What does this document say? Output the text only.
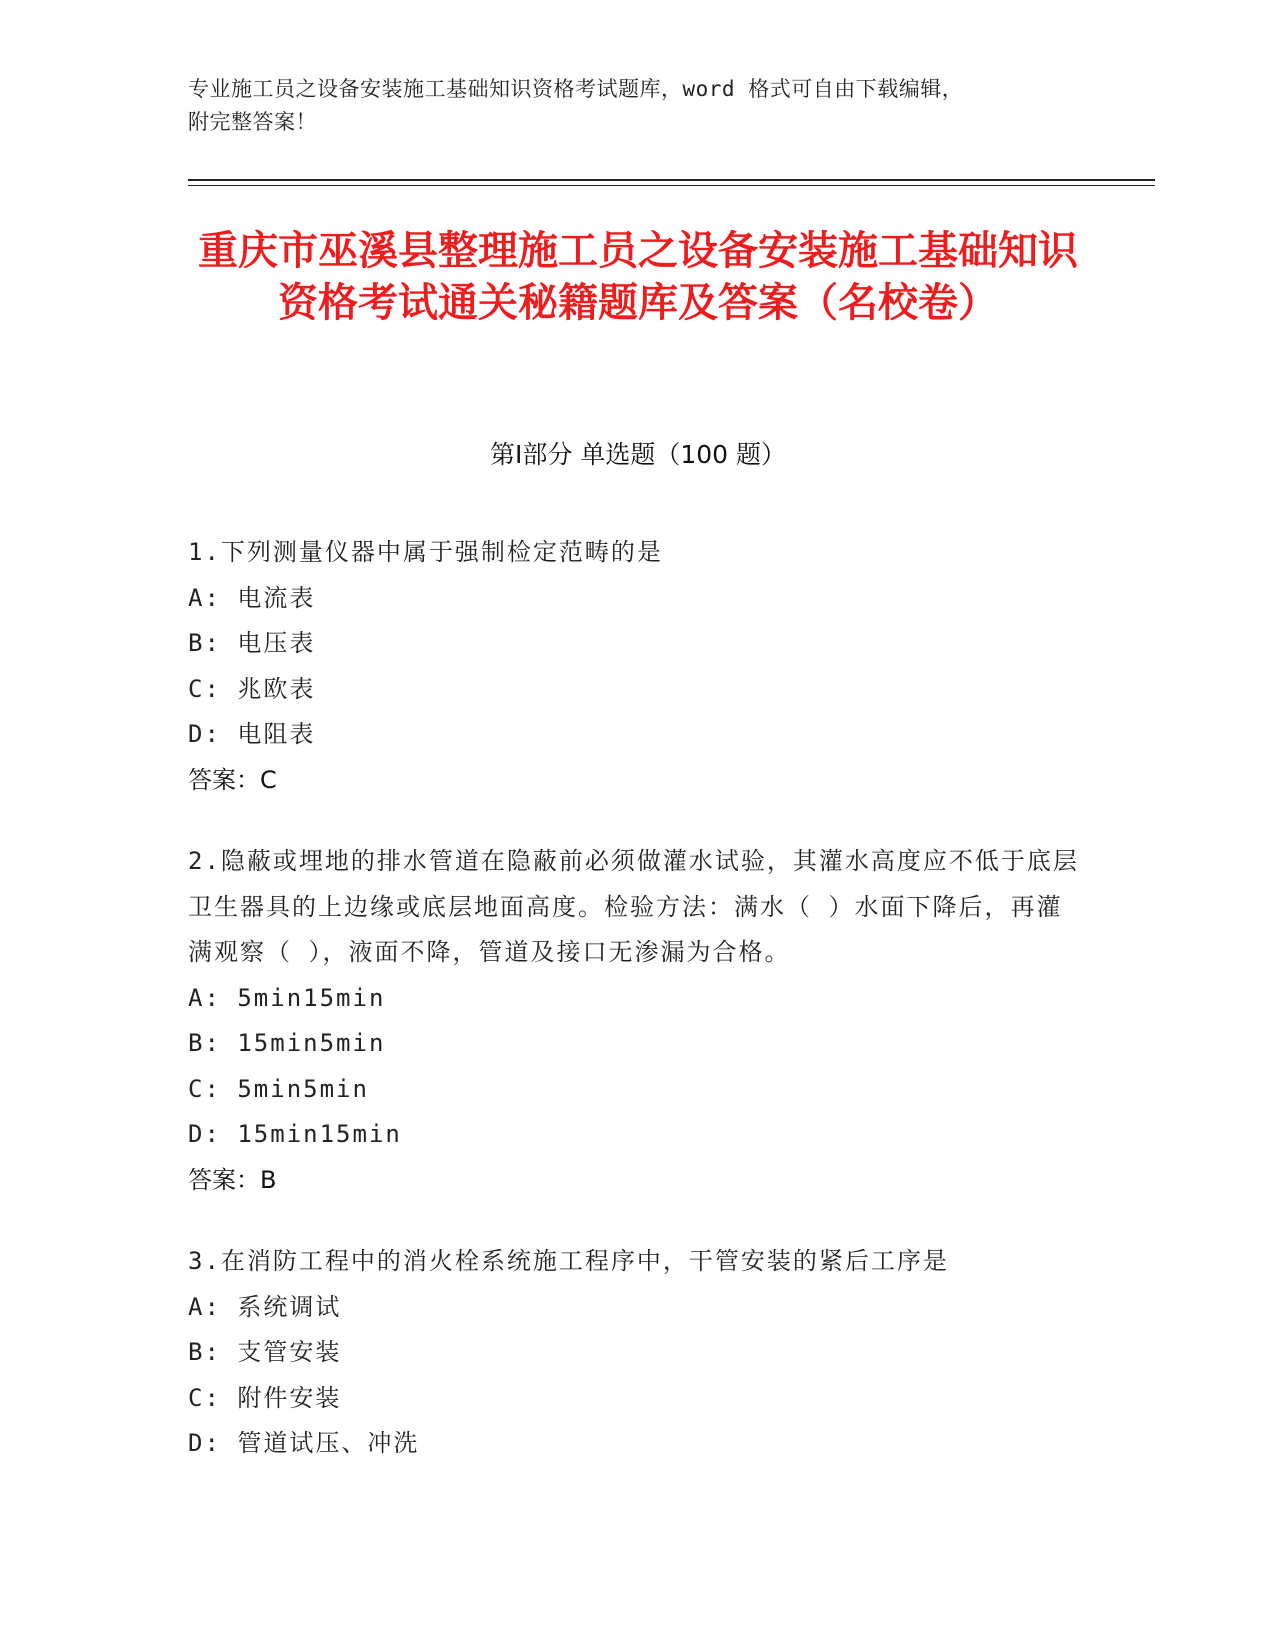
专业施工员之设备安装施工基础知识资格考试题库，word 格式可自由下载编辑，
附完整答案！
重庆市巫溪县整理施工员之设备安装施工基础知识资格考试通关秘籍题库及答案（名校卷）
第Ⅰ部分 单选题（100 题）
1.下列测量仪器中属于强制检定范畴的是
A: 电流表
B: 电压表
C: 兆欧表
D: 电阻表
答案：C
2.隐蔽或埋地的排水管道在隐蔽前必须做灌水试验，其灌水高度应不低于底层卫生器具的上边缘或底层地面高度。检验方法：满水（ ）水面下降后，再灌满观察（ ），液面不降，管道及接口无渗漏为合格。
A: 5min15min
B: 15min5min
C: 5min5min
D: 15min15min
答案：B
3.在消防工程中的消火栓系统施工程序中，干管安装的紧后工序是
A: 系统调试
B: 支管安装
C: 附件安装
D: 管道试压、冲洗
